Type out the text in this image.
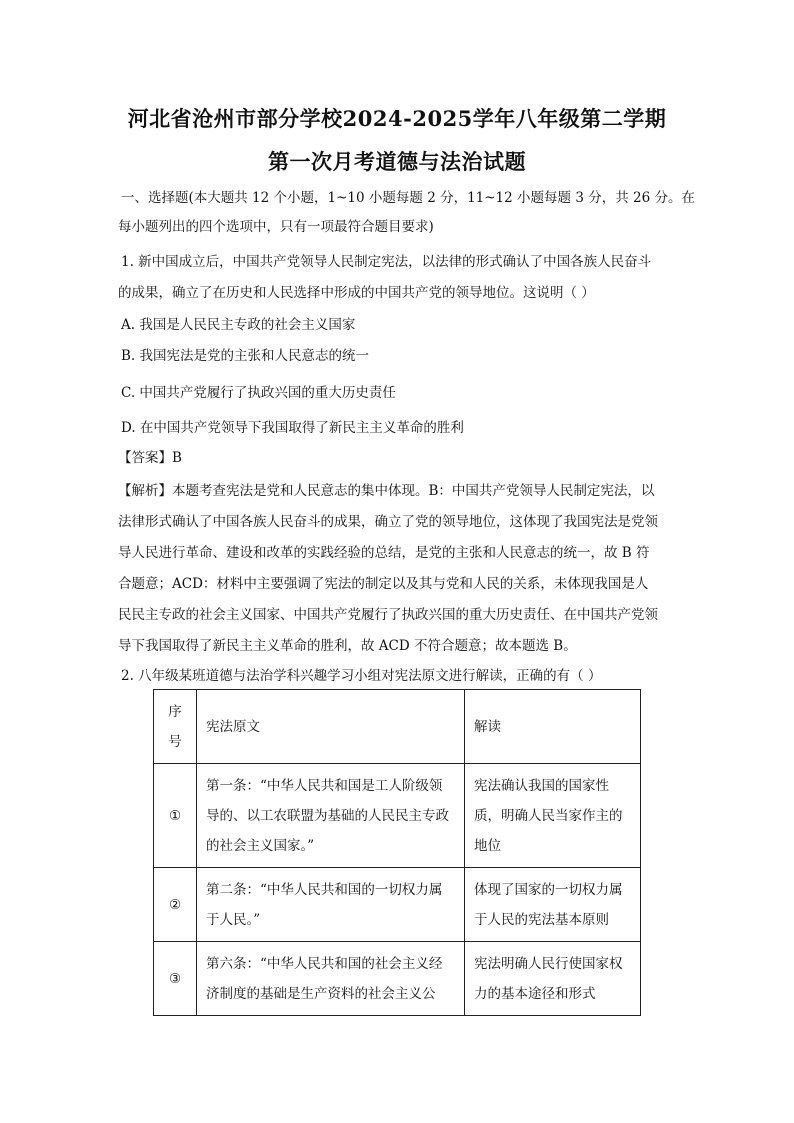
河北省沧州市部分学校2024-2025学年八年级第二学期
第一次月考道德与法治试题
一、选择题(本大题共 12 个小题，1~10 小题每题 2 分，11~12 小题每题 3 分，共 26 分。在
每小题列出的四个选项中，只有一项最符合题目要求)
1. 新中国成立后，中国共产党领导人民制定宪法，以法律的形式确认了中国各族人民奋斗
的成果，确立了在历史和人民选择中形成的中国共产党的领导地位。这说明（ ）
A. 我国是人民民主专政的社会主义国家
B. 我国宪法是党的主张和人民意志的统一
C. 中国共产党履行了执政兴国的重大历史责任
D. 在中国共产党领导下我国取得了新民主主义革命的胜利
【答案】B
【解析】本题考查宪法是党和人民意志的集中体现。B：中国共产党领导人民制定宪法，以
法律形式确认了中国各族人民奋斗的成果，确立了党的领导地位，这体现了我国宪法是党领
导人民进行革命、建设和改革的实践经验的总结，是党的主张和人民意志的统一，故 B 符
合题意；ACD：材料中主要强调了宪法的制定以及其与党和人民的关系，未体现我国是人
民民主专政的社会主义国家、中国共产党履行了执政兴国的重大历史责任、在中国共产党领
导下我国取得了新民主主义革命的胜利，故 ACD 不符合题意；故本题选 B。
2. 八年级某班道德与法治学科兴趣学习小组对宪法原文进行解读，正确的有（ ）
序号	宪法原文	解读
①	第一条：“中华人民共和国是工人阶级领导的、以工农联盟为基础的人民民主专政的社会主义国家。”	宪法确认我国的国家性质，明确人民当家作主的地位
②	第二条：“中华人民共和国的一切权力属于人民。”	体现了国家的一切权力属于人民的宪法基本原则
③	第六条：“中华人民共和国的社会主义经济制度的基础是生产资料的社会主义公	宪法明确人民行使国家权力的基本途径和形式
